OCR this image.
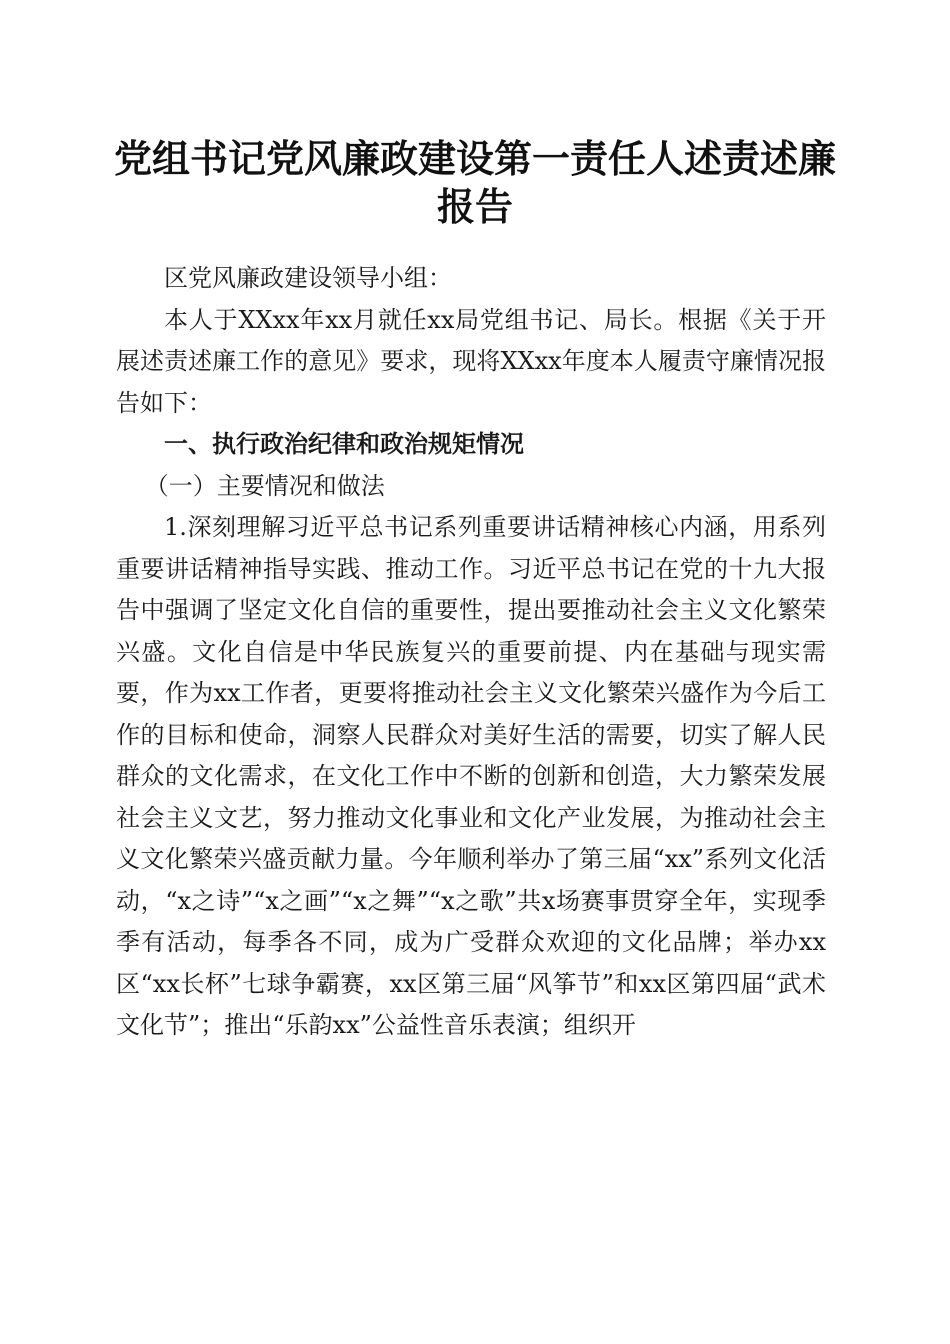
党组书记党风廉政建设第一责任人述责述廉报告

区党风廉政建设领导小组：

本人于XXxx年xx月就任xx局党组书记、局长。根据《关于开展述责述廉工作的意见》要求，现将XXxx年度本人履责守廉情况报告如下：

一、执行政治纪律和政治规矩情况

（一）主要情况和做法

1.深刻理解习近平总书记系列重要讲话精神核心内涵，用系列重要讲话精神指导实践、推动工作。习近平总书记在党的十九大报告中强调了坚定文化自信的重要性，提出要推动社会主义文化繁荣兴盛。文化自信是中华民族复兴的重要前提、内在基础与现实需要，作为xx工作者，更要将推动社会主义文化繁荣兴盛作为今后工作的目标和使命，洞察人民群众对美好生活的需要，切实了解人民群众的文化需求，在文化工作中不断的创新和创造，大力繁荣发展社会主义文艺，努力推动文化事业和文化产业发展，为推动社会主义文化繁荣兴盛贡献力量。今年顺利举办了第三届“xx”系列文化活动，“x之诗”“x之画”“x之舞”“x之歌”共x场赛事贯穿全年，实现季季有活动，每季各不同，成为广受群众欢迎的文化品牌；举办xx区“xx长杯”七球争霸赛，xx区第三届“风筝节”和xx区第四届“武术文化节”；推出“乐韵xx”公益性音乐表演；组织开
